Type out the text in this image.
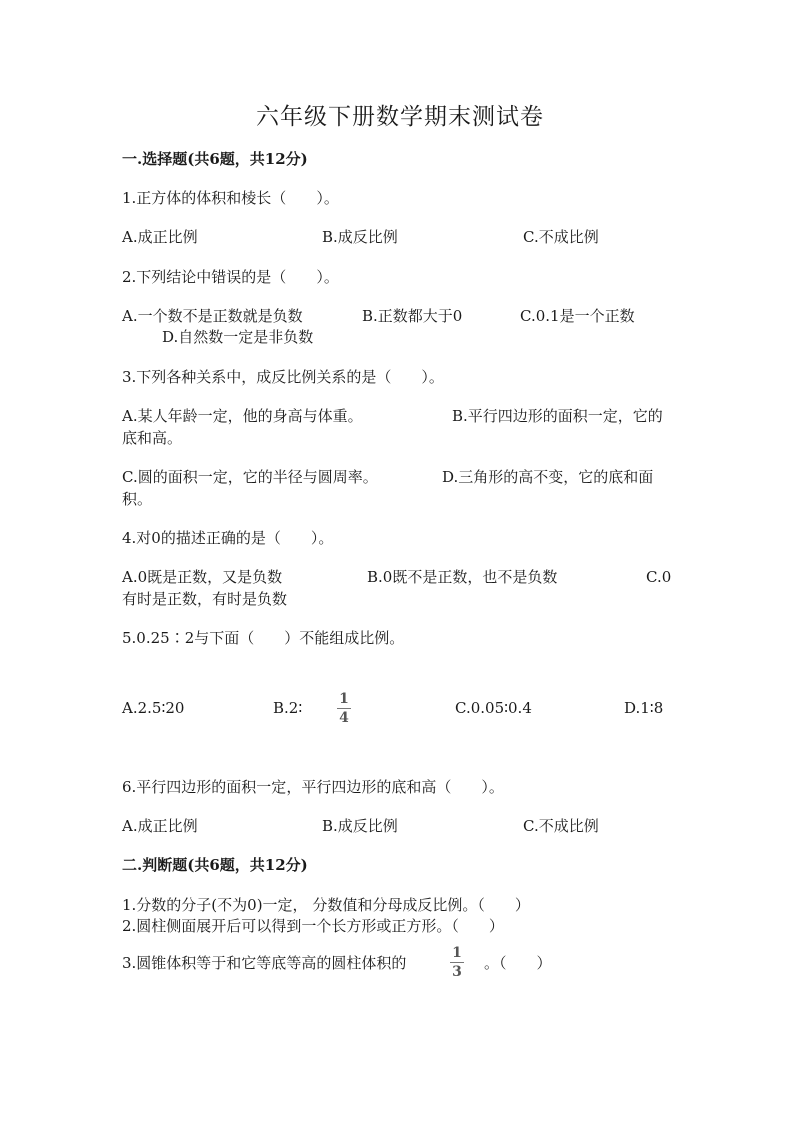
六年级下册数学期末测试卷
一.选择题(共6题，共12分)
1.正方体的体积和棱长（　　）。
A.成正比例	B.成反比例	C.不成比例
2.下列结论中错误的是（　　）。
A.一个数不是正数就是负数	B.正数都大于0	C.0.1是一个正数
D.自然数一定是非负数
3.下列各种关系中，成反比例关系的是（　　）。
A.某人年龄一定，他的身高与体重。	B.平行四边形的面积一定，它的
底和高。
C.圆的面积一定，它的半径与圆周率。	D.三角形的高不变，它的底和面
积。
4.对0的描述正确的是（　　）。
A.0既是正数，又是负数	B.0既不是正数，也不是负数	C.0
有时是正数，有时是负数
5.0.25∶2与下面（　　）不能组成比例。
A.2.5∶20	B.2∶	1
4
C.0.05∶0.4	D.1∶8
6.平行四边形的面积一定，平行四边形的底和高（　　）。
A.成正比例	B.成反比例	C.不成比例
二.判断题(共6题，共12分)
1.分数的分子(不为0)一定， 分数值和分母成反比例。（　　）
2.圆柱侧面展开后可以得到一个长方形或正方形。（　　）
3.圆锥体积等于和它等底等高的圆柱体积的
1
3	。（　　）
